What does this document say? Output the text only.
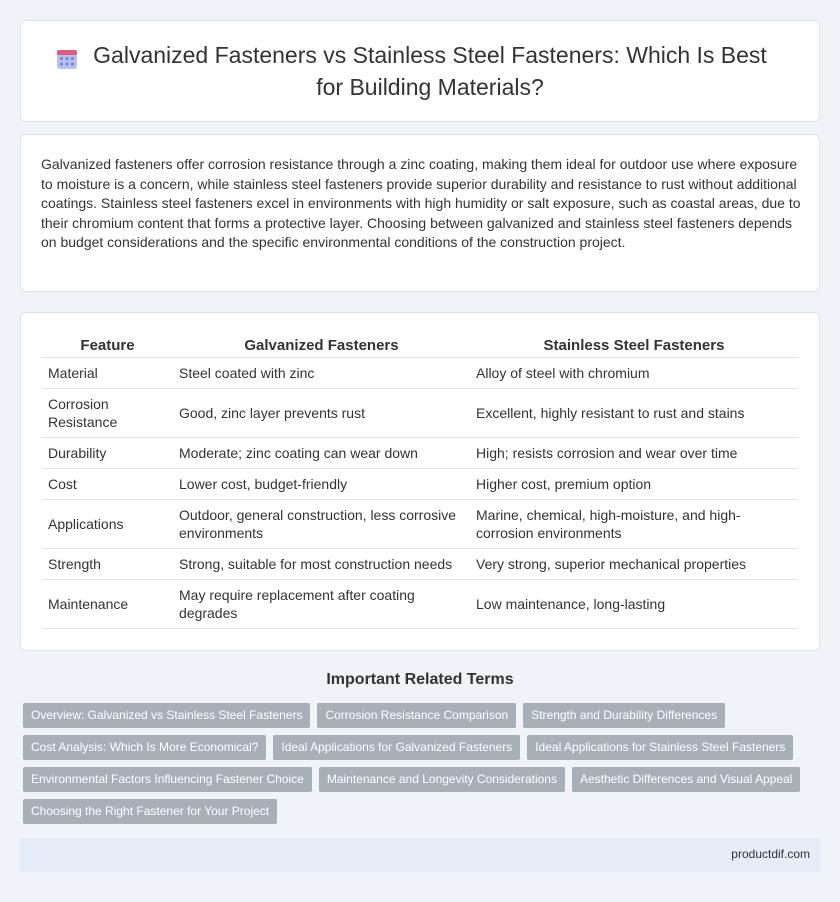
Galvanized Fasteners vs Stainless Steel Fasteners: Which Is Best for Building Materials?

Galvanized fasteners offer corrosion resistance through a zinc coating, making them ideal for outdoor use where exposure to moisture is a concern, while stainless steel fasteners provide superior durability and resistance to rust without additional coatings. Stainless steel fasteners excel in environments with high humidity or salt exposure, such as coastal areas, due to their chromium content that forms a protective layer. Choosing between galvanized and stainless steel fasteners depends on budget considerations and the specific environmental conditions of the construction project.

Feature	Galvanized Fasteners	Stainless Steel Fasteners
Material	Steel coated with zinc	Alloy of steel with chromium
Corrosion Resistance	Good, zinc layer prevents rust	Excellent, highly resistant to rust and stains
Durability	Moderate; zinc coating can wear down	High; resists corrosion and wear over time
Cost	Lower cost, budget-friendly	Higher cost, premium option
Applications	Outdoor, general construction, less corrosive environments	Marine, chemical, high-moisture, and high-corrosion environments
Strength	Strong, suitable for most construction needs	Very strong, superior mechanical properties
Maintenance	May require replacement after coating degrades	Low maintenance, long-lasting
Important Related Terms
Overview: Galvanized vs Stainless Steel Fasteners	Corrosion Resistance Comparison	Strength and Durability Differences
Cost Analysis: Which Is More Economical?	Ideal Applications for Galvanized Fasteners	Ideal Applications for Stainless Steel Fasteners
Environmental Factors Influencing Fastener Choice	Maintenance and Longevity Considerations	Aesthetic Differences and Visual Appeal
Choosing the Right Fastener for Your Project
productdif.com
